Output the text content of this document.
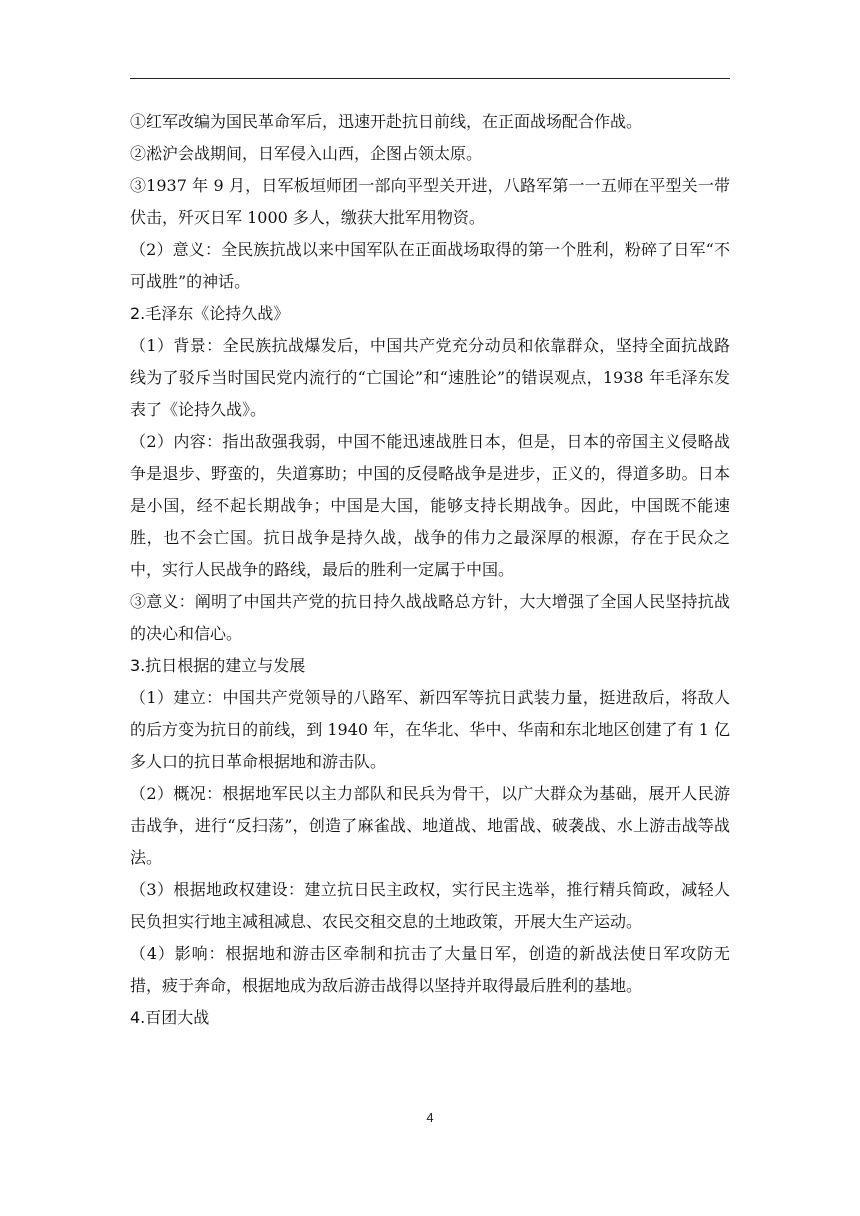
①红军改编为国民革命军后，迅速开赴抗日前线，在正面战场配合作战。

②淞沪会战期间，日军侵入山西，企图占领太原。

③1937 年 9 月，日军板垣师团一部向平型关开进，八路军第一一五师在平型关一带伏击，歼灭日军 1000 多人，缴获大批军用物资。

（2）意义：全民族抗战以来中国军队在正面战场取得的第一个胜利，粉碎了日军“不可战胜”的神话。

2.毛泽东《论持久战》

（1）背景：全民族抗战爆发后，中国共产党充分动员和依靠群众，坚持全面抗战路线为了驳斥当时国民党内流行的“亡国论”和“速胜论”的错误观点，1938 年毛泽东发表了《论持久战》。

（2）内容：指出敌强我弱，中国不能迅速战胜日本，但是，日本的帝国主义侵略战争是退步、野蛮的，失道寡助；中国的反侵略战争是进步，正义的，得道多助。日本是小国，经不起长期战争；中国是大国，能够支持长期战争。因此，中国既不能速胜，也不会亡国。抗日战争是持久战，战争的伟力之最深厚的根源，存在于民众之中，实行人民战争的路线，最后的胜利一定属于中国。

③意义：阐明了中国共产党的抗日持久战战略总方针，大大增强了全国人民坚持抗战的决心和信心。

3.抗日根据的建立与发展

（1）建立：中国共产党领导的八路军、新四军等抗日武装力量，挺进敌后，将敌人的后方变为抗日的前线，到 1940 年，在华北、华中、华南和东北地区创建了有 1 亿多人口的抗日革命根据地和游击队。

（2）概况：根据地军民以主力部队和民兵为骨干，以广大群众为基础，展开人民游击战争，进行“反扫荡”，创造了麻雀战、地道战、地雷战、破袭战、水上游击战等战法。

（3）根据地政权建设：建立抗日民主政权，实行民主选举，推行精兵简政，减轻人民负担实行地主减租减息、农民交租交息的土地政策，开展大生产运动。

（4）影响：根据地和游击区牵制和抗击了大量日军，创造的新战法使日军攻防无措，疲于奔命，根据地成为敌后游击战得以坚持并取得最后胜利的基地。

4.百团大战

4
